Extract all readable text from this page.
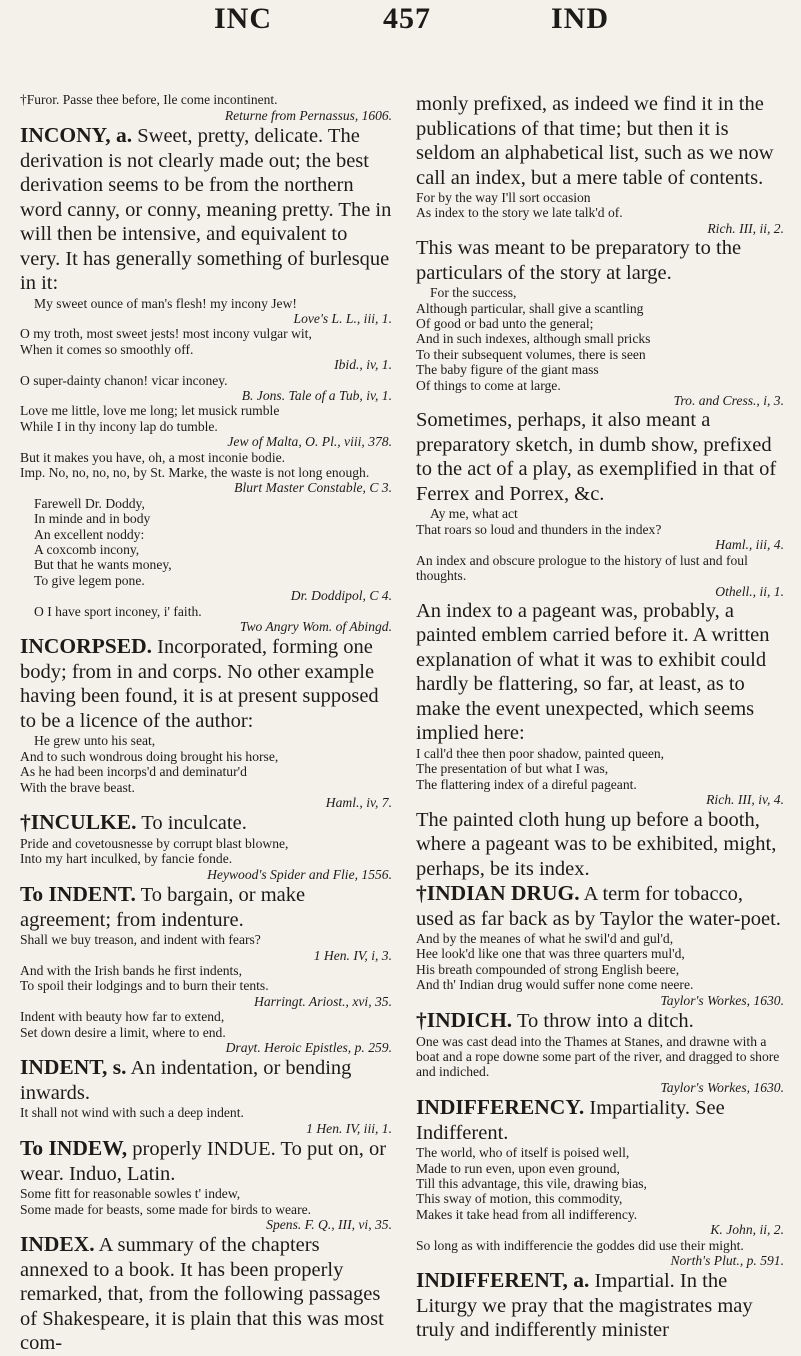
INC	457	IND
†Furor. Passe thee before, Ile come incontinent.
Returne from Pernassus, 1606.

INCONY, a. Sweet, pretty, delicate. The derivation is not clearly made out; the best derivation seems to be from the northern word canny, or conny, meaning pretty. The in will then be intensive, and equivalent to very. It has generally something of burlesque in it:

My sweet ounce of man's flesh! my incony Jew!
Love's L. L., iii, 1.
O my troth, most sweet jests! most incony vulgar wit,
When it comes so smoothly off.
Ibid., iv, 1.
O super-dainty chanon! vicar inconey.
B. Jons. Tale of a Tub, iv, 1.
Love me little, love me long; let musick rumble
While I in thy incony lap do tumble.
Jew of Malta, O. Pl., viii, 378.
But it makes you have, oh, a most inconie bodie.
Imp. No, no, no, no, by St. Marke, the waste is not long enough.
Blurt Master Constable, C 3.
Farewell Dr. Doddy,
In minde and in body
An excellent noddy:
A coxcomb incony,
But that he wants money,
To give legem pone.
Dr. Doddipol, C 4.
O I have sport inconey, i' faith.
Two Angry Wom. of Abingd.

INCORPSED. Incorporated, forming one body; from in and corps. No other example having been found, it is at present supposed to be a licence of the author:

He grew unto his seat,
And to such wondrous doing brought his horse,
As he had been incorps'd and deminatur'd
With the brave beast.
Haml., iv, 7.

†INCULKE. To inculcate.

Pride and covetousnesse by corrupt blast blowne,
Into my hart inculked, by fancie fonde.
Heywood's Spider and Flie, 1556.

To INDENT. To bargain, or make agreement; from indenture.

Shall we buy treason, and indent with fears?
1 Hen. IV, i, 3.
And with the Irish bands he first indents,
To spoil their lodgings and to burn their tents.
Harringt. Ariost., xvi, 35.
Indent with beauty how far to extend,
Set down desire a limit, where to end.
Drayt. Heroic Epistles, p. 259.

INDENT, s. An indentation, or bending inwards.

It shall not wind with such a deep indent.
1 Hen. IV, iii, 1.

To INDEW, properly INDUE. To put on, or wear. Induo, Latin.

Some fitt for reasonable sowles t' indew,
Some made for beasts, some made for birds to weare.
Spens. F. Q., III, vi, 35.

INDEX. A summary of the chapters annexed to a book. It has been properly remarked, that, from the following passages of Shakespeare, it is plain that this was most com-

monly prefixed, as indeed we find it in the publications of that time; but then it is seldom an alphabetical list, such as we now call an index, but a mere table of contents.

For by the way I'll sort occasion
As index to the story we late talk'd of.
Rich. III, ii, 2.

This was meant to be preparatory to the particulars of the story at large.

For the success,
Although particular, shall give a scantling
Of good or bad unto the general;
And in such indexes, although small pricks
To their subsequent volumes, there is seen
The baby figure of the giant mass
Of things to come at large.
Tro. and Cress., i, 3.

Sometimes, perhaps, it also meant a preparatory sketch, in dumb show, prefixed to the act of a play, as exemplified in that of Ferrex and Porrex, &c.

Ay me, what act
That roars so loud and thunders in the index?
Haml., iii, 4.
An index and obscure prologue to the history of lust and foul thoughts.
Othell., ii, 1.

An index to a pageant was, probably, a painted emblem carried before it. A written explanation of what it was to exhibit could hardly be flattering, so far, at least, as to make the event unexpected, which seems implied here:

I call'd thee then poor shadow, painted queen,
The presentation of but what I was,
The flattering index of a direful pageant.
Rich. III, iv, 4.

The painted cloth hung up before a booth, where a pageant was to be exhibited, might, perhaps, be its index.

†INDIAN DRUG. A term for tobacco, used as far back as by Taylor the water-poet.

And by the meanes of what he swil'd and gul'd,
Hee look'd like one that was three quarters mul'd,
His breath compounded of strong English beere,
And th' Indian drug would suffer none come neere.
Taylor's Workes, 1630.

†INDICH. To throw into a ditch.

One was cast dead into the Thames at Stanes, and drawne with a boat and a rope downe some part of the river, and dragged to shore and indiched.
Taylor's Workes, 1630.

INDIFFERENCY. Impartiality. See Indifferent.

The world, who of itself is poised well,
Made to run even, upon even ground,
Till this advantage, this vile, drawing bias,
This sway of motion, this commodity,
Makes it take head from all indifferency.
K. John, ii, 2.
So long as with indifferencie the goddes did use their might.
North's Plut., p. 591.

INDIFFERENT, a. Impartial. In the Liturgy we pray that the magistrates may truly and indifferently minister
